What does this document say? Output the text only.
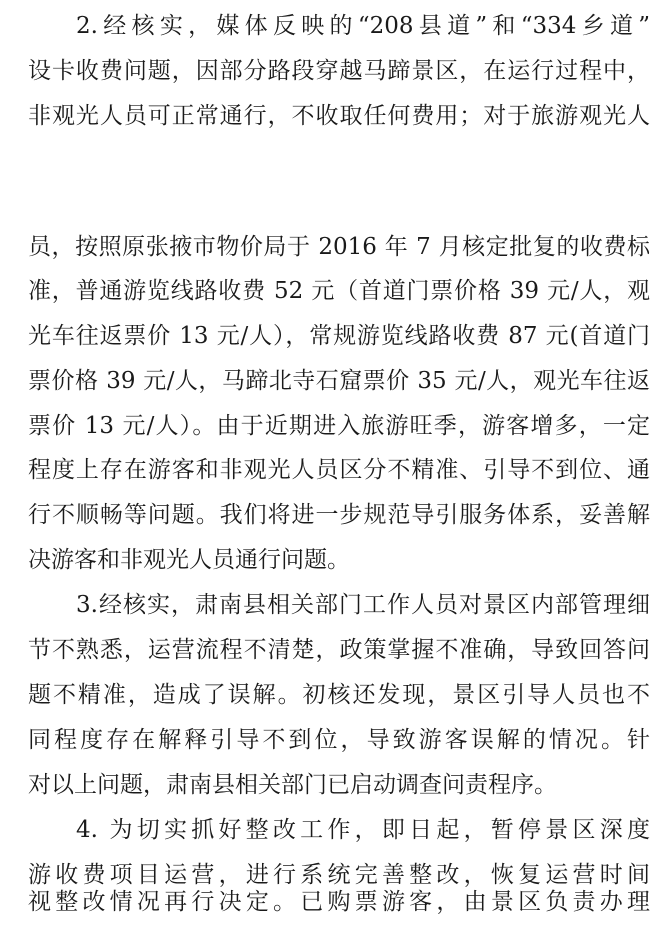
2.经核实，媒体反映的“208县道”和“334乡道”
设卡收费问题，因部分路段穿越马蹄景区，在运行过程中，
非观光人员可正常通行，不收取任何费用；对于旅游观光人
员，按照原张掖市物价局于 2016 年 7 月核定批复的收费标
准，普通游览线路收费 52 元（首道门票价格 39 元/人，观
光车往返票价 13 元/人），常规游览线路收费 87 元(首道门
票价格 39 元/人，马蹄北寺石窟票价 35 元/人，观光车往返
票价 13 元/人）。由于近期进入旅游旺季，游客增多，一定
程度上存在游客和非观光人员区分不精准、引导不到位、通
行不顺畅等问题。我们将进一步规范导引服务体系，妥善解
决游客和非观光人员通行问题。
3.经核实，肃南县相关部门工作人员对景区内部管理细
节不熟悉，运营流程不清楚，政策掌握不准确，导致回答问
题不精准，造成了误解。初核还发现，景区引导人员也不
同程度存在解释引导不到位，导致游客误解的情况。针
对以上问题，肃南县相关部门已启动调查问责程序。
4. 为切实抓好整改工作，即日起，暂停景区深度
游收费项目运营，进行系统完善整改，恢复运营时间
视整改情况再行决定。已购票游客，由景区负责办理
